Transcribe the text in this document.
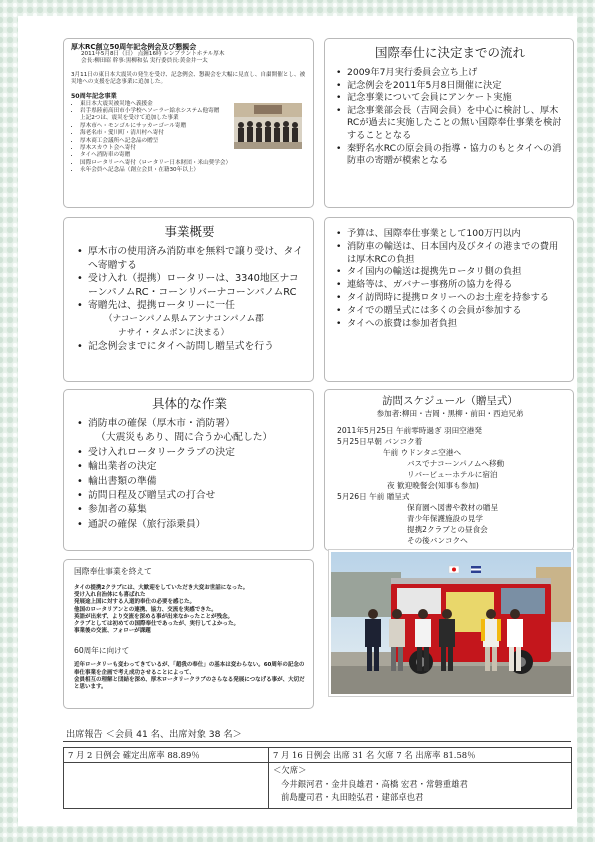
厚木RC創立50周年記念例会及び懇親会
2011年5月8日（日） 点鐘16時 レンブラントホテル厚木
会長:柳田昭 幹事:黒柳和弘 実行委員長:黄金井一太
3月11日の東日本大震災の発生を受け、記念例会、懇親会を大幅に見直し、自粛開催とし、被災地への支援を記念事業に追加した。
50周年記念事業
• 東日本大震災被災地へ義援金
• 岩手県陸前高田市小学校へソーラー給水システム他寄贈
上記2つは、震災を受けて追加した事業
• 厚木市へ・モンゴルにサッカーゴール寄贈
• 海老名市・愛川町・清川村へ寄付
• 厚木商工会議所へ記念品の贈呈
• 厚木スカウト会へ寄付
• タイへ消防車の寄贈
• 国際ロータリーへ寄付（ロータリー日本財団・米山奨学会）
• 永年会員へ記念品（創立会員・在籍30年以上）
国際奉仕に決定までの流れ
• 2009年7月実行委員会立ち上げ
• 記念例会を2011年5月8日開催に決定
• 記念事業について会員にアンケート実施
• 記念事業部会長（吉岡会員）を中心に検討し、厚木RCが過去に実施したことの無い国際奉仕事業を検討することとなる
• 秦野名水RCの原会員の指導・協力のもとタイへの消防車の寄贈が模索となる
事業概要
• 厚木市の使用済み消防車を無料で譲り受け、タイへ寄贈する
• 受け入れ（提携）ロータリーは、3340地区ナコーンパノムRC・コーンリバーナコーンパノムRC
• 寄贈先は、提携ロータリーに一任
（ナコーンパノム県ムアンナコンパノム郡
ナサイ・タムボンに決まる）
• 記念例会までにタイへ訪問し贈呈式を行う
• 予算は、国際奉仕事業として100万円以内
• 消防車の輸送は、日本国内及びタイの港までの費用は厚木RCの負担
• タイ国内の輸送は提携先ロータリ側の負担
• 連絡等は、ガバナー事務所の協力を得る
• タイ訪問時に提携ロタリーへのお土産を持参する
• タイでの贈呈式には多くの会員が参加する
• タイへの旅費は参加者負担
具体的な作業
• 消防車の確保（厚木市・消防署）
（大震災もあり、間に合うか心配した）
• 受け入れロータリークラブの決定
• 輸出業者の決定
• 輸出書類の準備
• 訪問日程及び贈呈式の打合せ
• 参加者の募集
• 通訳の確保（旅行添乗員）
訪問スケジュール（贈呈式）
参加者:柳田・吉岡・黒柳・前田・西迫兄弟
2011年5月25日 午前零時過ぎ 羽田空港発
5月25日早朝 バンコク着
午前 ウドンタニ空港へ
バスでナコーンパノムへ移動
リバービューホテルに宿泊
夜 歓迎晩餐会(知事も参加)
5月26日 午前 贈呈式
保育園へ図書や教材の贈呈
青少年保護施設の見学
提携2クラブとの昼食会
その後バンコクへ
国際奉仕事業を終えて
タイの提携2クラブには、大歓迎をしていただき大変お世話になった。
受け入れ自治体にも喜ばれた
発展途上国に対する人道的奉仕の必要を感じた。
他国のロータリアンとの連携、協力、交流を実感できた。
英語が出来ず、より交流を深める事が出来なかったことが残念。
クラブとしては初めての国際奉仕であったが、実行してよかった。
事業後の交流、フォローが課題
60周年に向けて
近年ロータリーも変わってきているが、「超我の奉仕」の基本は変わらない。60周年の記念の奉仕事業を企画で考え成功させることによって、
会員相互の理解と団結を深め、厚木ロータリークラブのさらなる発展につなげる事が、大切だと思います。
出席報告 ＜会員 41 名、出席対象 38 名＞
7 月 2 日例会 確定出席率 88.89％	7 月 16 日例会 出席 31 名 欠席 7 名 出席率 81.58％

	＜欠席＞
今井銀河君・金井良雄君・高橋 宏君・常磐重雄君
前島慶司君・丸田睦弘君・建部卓也君
